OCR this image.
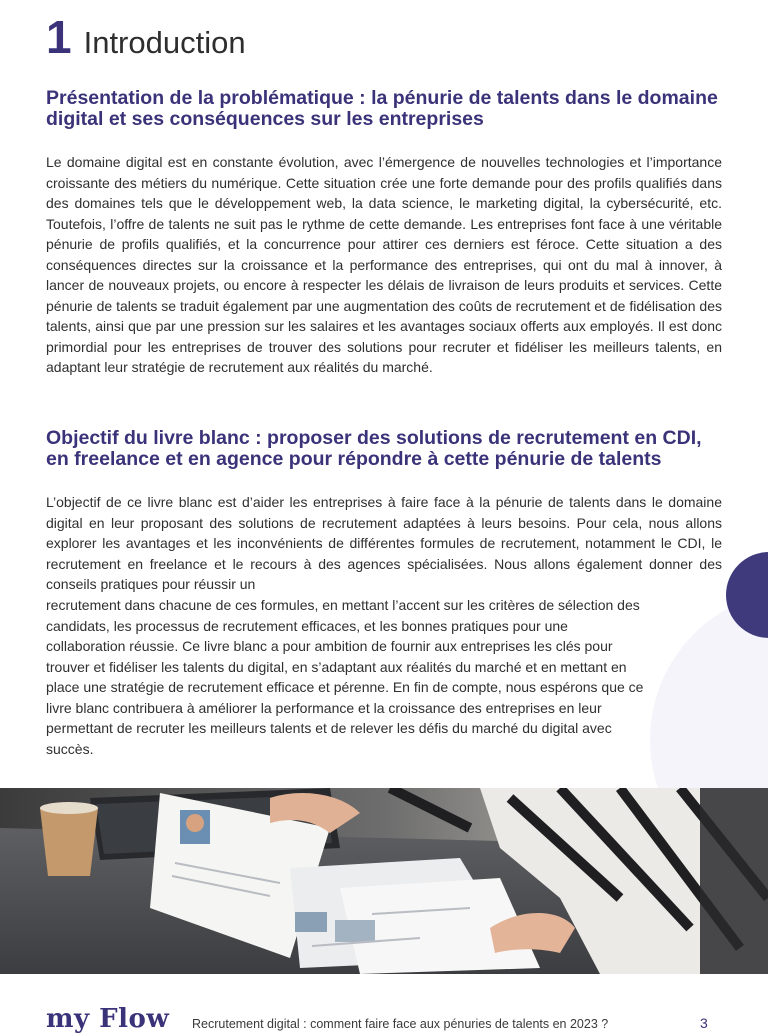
1 Introduction
Présentation de la problématique : la pénurie de talents dans le domaine digital et ses conséquences sur les entreprises

Le domaine digital est en constante évolution, avec l’émergence de nouvelles technologies et l’importance croissante des métiers du numérique. Cette situation crée une forte demande pour des profils qualifiés dans des domaines tels que le développement web, la data science, le marketing digital, la cybersécurité, etc. Toutefois, l’offre de talents ne suit pas le rythme de cette demande. Les entreprises font face à une véritable pénurie de profils qualifiés, et la concurrence pour attirer ces derniers est féroce. Cette situation a des conséquences directes sur la croissance et la performance des entreprises, qui ont du mal à innover, à lancer de nouveaux projets, ou encore à respecter les délais de livraison de leurs produits et services. Cette pénurie de talents se traduit également par une augmentation des coûts de recrutement et de fidélisation des talents, ainsi que par une pression sur les salaires et les avantages sociaux offerts aux employés. Il est donc primordial pour les entreprises de trouver des solutions pour recruter et fidéliser les meilleurs talents, en adaptant leur stratégie de recrutement aux réalités du marché.

Objectif du livre blanc : proposer des solutions de recrutement en CDI, en freelance et en agence pour répondre à cette pénurie de talents

L’objectif de ce livre blanc est d’aider les entreprises à faire face à la pénurie de talents dans le domaine digital en leur proposant des solutions de recrutement adaptées à leurs besoins. Pour cela, nous allons explorer les avantages et les inconvénients de différentes formules de recrutement, notamment le CDI, le recrutement en freelance et le recours à des agences spécialisées. Nous allons également donner des conseils pratiques pour réussir un

recrutement dans chacune de ces formules, en mettant l’accent sur les critères de sélection des candidats, les processus de recrutement efficaces, et les bonnes pratiques pour une collaboration réussie. Ce livre blanc a pour ambition de fournir aux entreprises les clés pour trouver et fidéliser les talents du digital, en s’adaptant aux réalités du marché et en mettant en place une stratégie de recrutement efficace et pérenne. En fin de compte, nous espérons que ce livre blanc contribuera à améliorer la performance et la croissance des entreprises en leur permettant de recruter les meilleurs talents et de relever les défis du marché du digital avec succès.

my Flow Recrutement digital : comment faire face aux pénuries de talents en 2023 ?	3
